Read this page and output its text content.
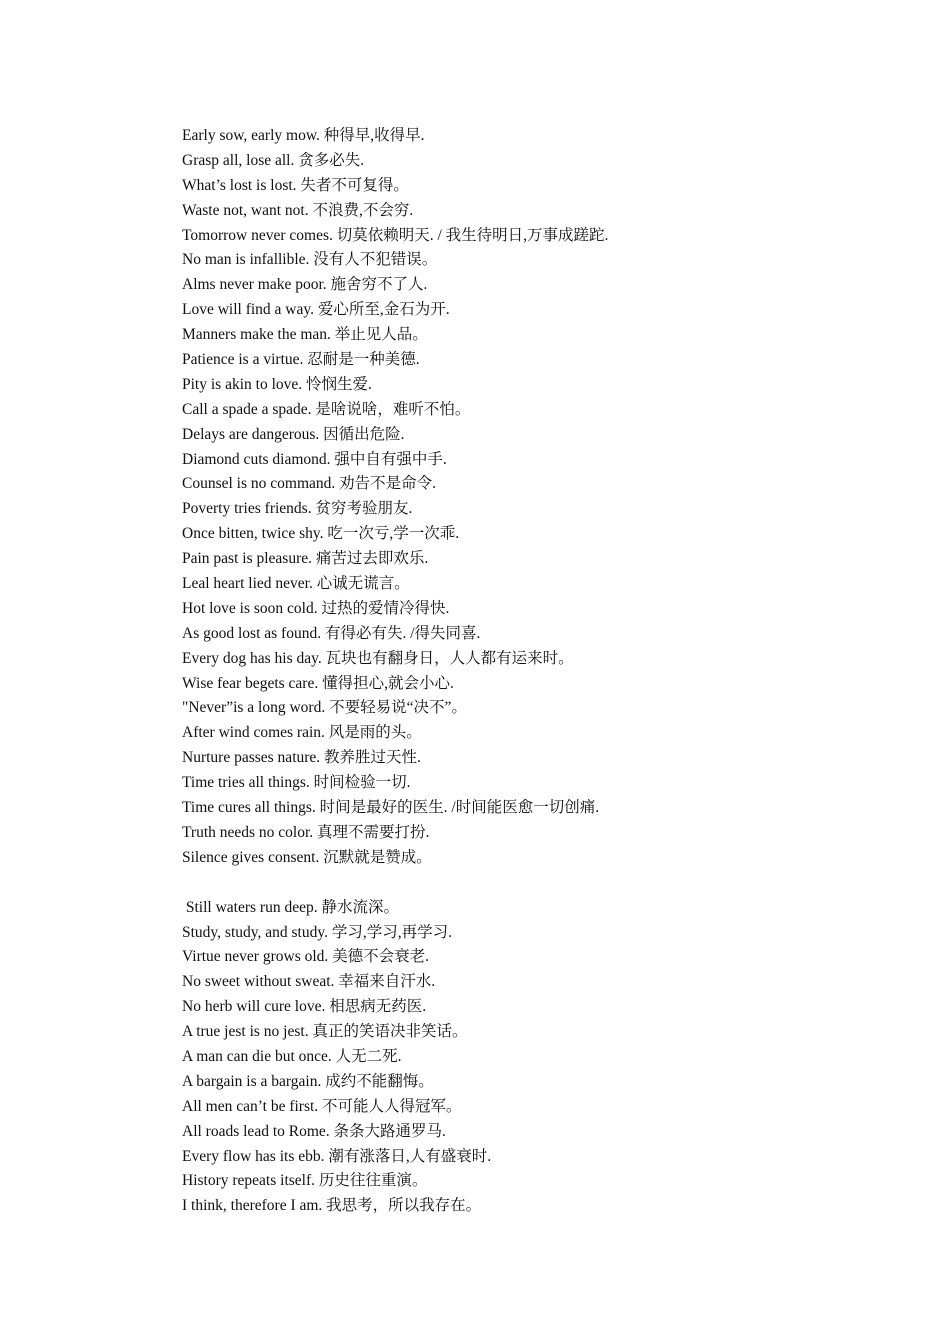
Early sow, early mow. 种得早,收得早.
Grasp all, lose all. 贪多必失.
What’s lost is lost. 失者不可复得。
Waste not, want not. 不浪费,不会穷.
Tomorrow never comes. 切莫依赖明天. / 我生待明日,万事成蹉跎.
No man is infallible. 没有人不犯错误。
Alms never make poor. 施舍穷不了人.
Love will find a way. 爱心所至,金石为开.
Manners make the man. 举止见人品。
Patience is a virtue. 忍耐是一种美德.
Pity is akin to love. 怜悯生爱.
Call a spade a spade. 是啥说啥，难听不怕。
Delays are dangerous. 因循出危险.
Diamond cuts diamond. 强中自有强中手.
Counsel is no command. 劝告不是命令.
Poverty tries friends. 贫穷考验朋友.
Once bitten, twice shy. 吃一次亏,学一次乖.
Pain past is pleasure. 痛苦过去即欢乐.
Leal heart lied never. 心诚无谎言。
Hot love is soon cold. 过热的爱情冷得快.
As good lost as found. 有得必有失. /得失同喜.
Every dog has his day. 瓦块也有翻身日，人人都有运来时。
Wise fear begets care. 懂得担心,就会小心.
"Never”is a long word. 不要轻易说“决不”。
After wind comes rain. 风是雨的头。
Nurture passes nature. 教养胜过天性.
Time tries all things. 时间检验一切.
Time cures all things. 时间是最好的医生. /时间能医愈一切创痛.
Truth needs no color. 真理不需要打扮.
Silence gives consent. 沉默就是赞成。
Still waters run deep. 静水流深。
Study, study, and study. 学习,学习,再学习.
Virtue never grows old. 美德不会衰老.
No sweet without sweat. 幸福来自汗水.
No herb will cure love. 相思病无药医.
A true jest is no jest. 真正的笑语决非笑话。
A man can die but once. 人无二死.
A bargain is a bargain. 成约不能翻悔。
All men can’t be first. 不可能人人得冠军。
All roads lead to Rome. 条条大路通罗马.
Every flow has its ebb. 潮有涨落日,人有盛衰时.
History repeats itself. 历史往往重演。
I think, therefore I am. 我思考，所以我存在。
